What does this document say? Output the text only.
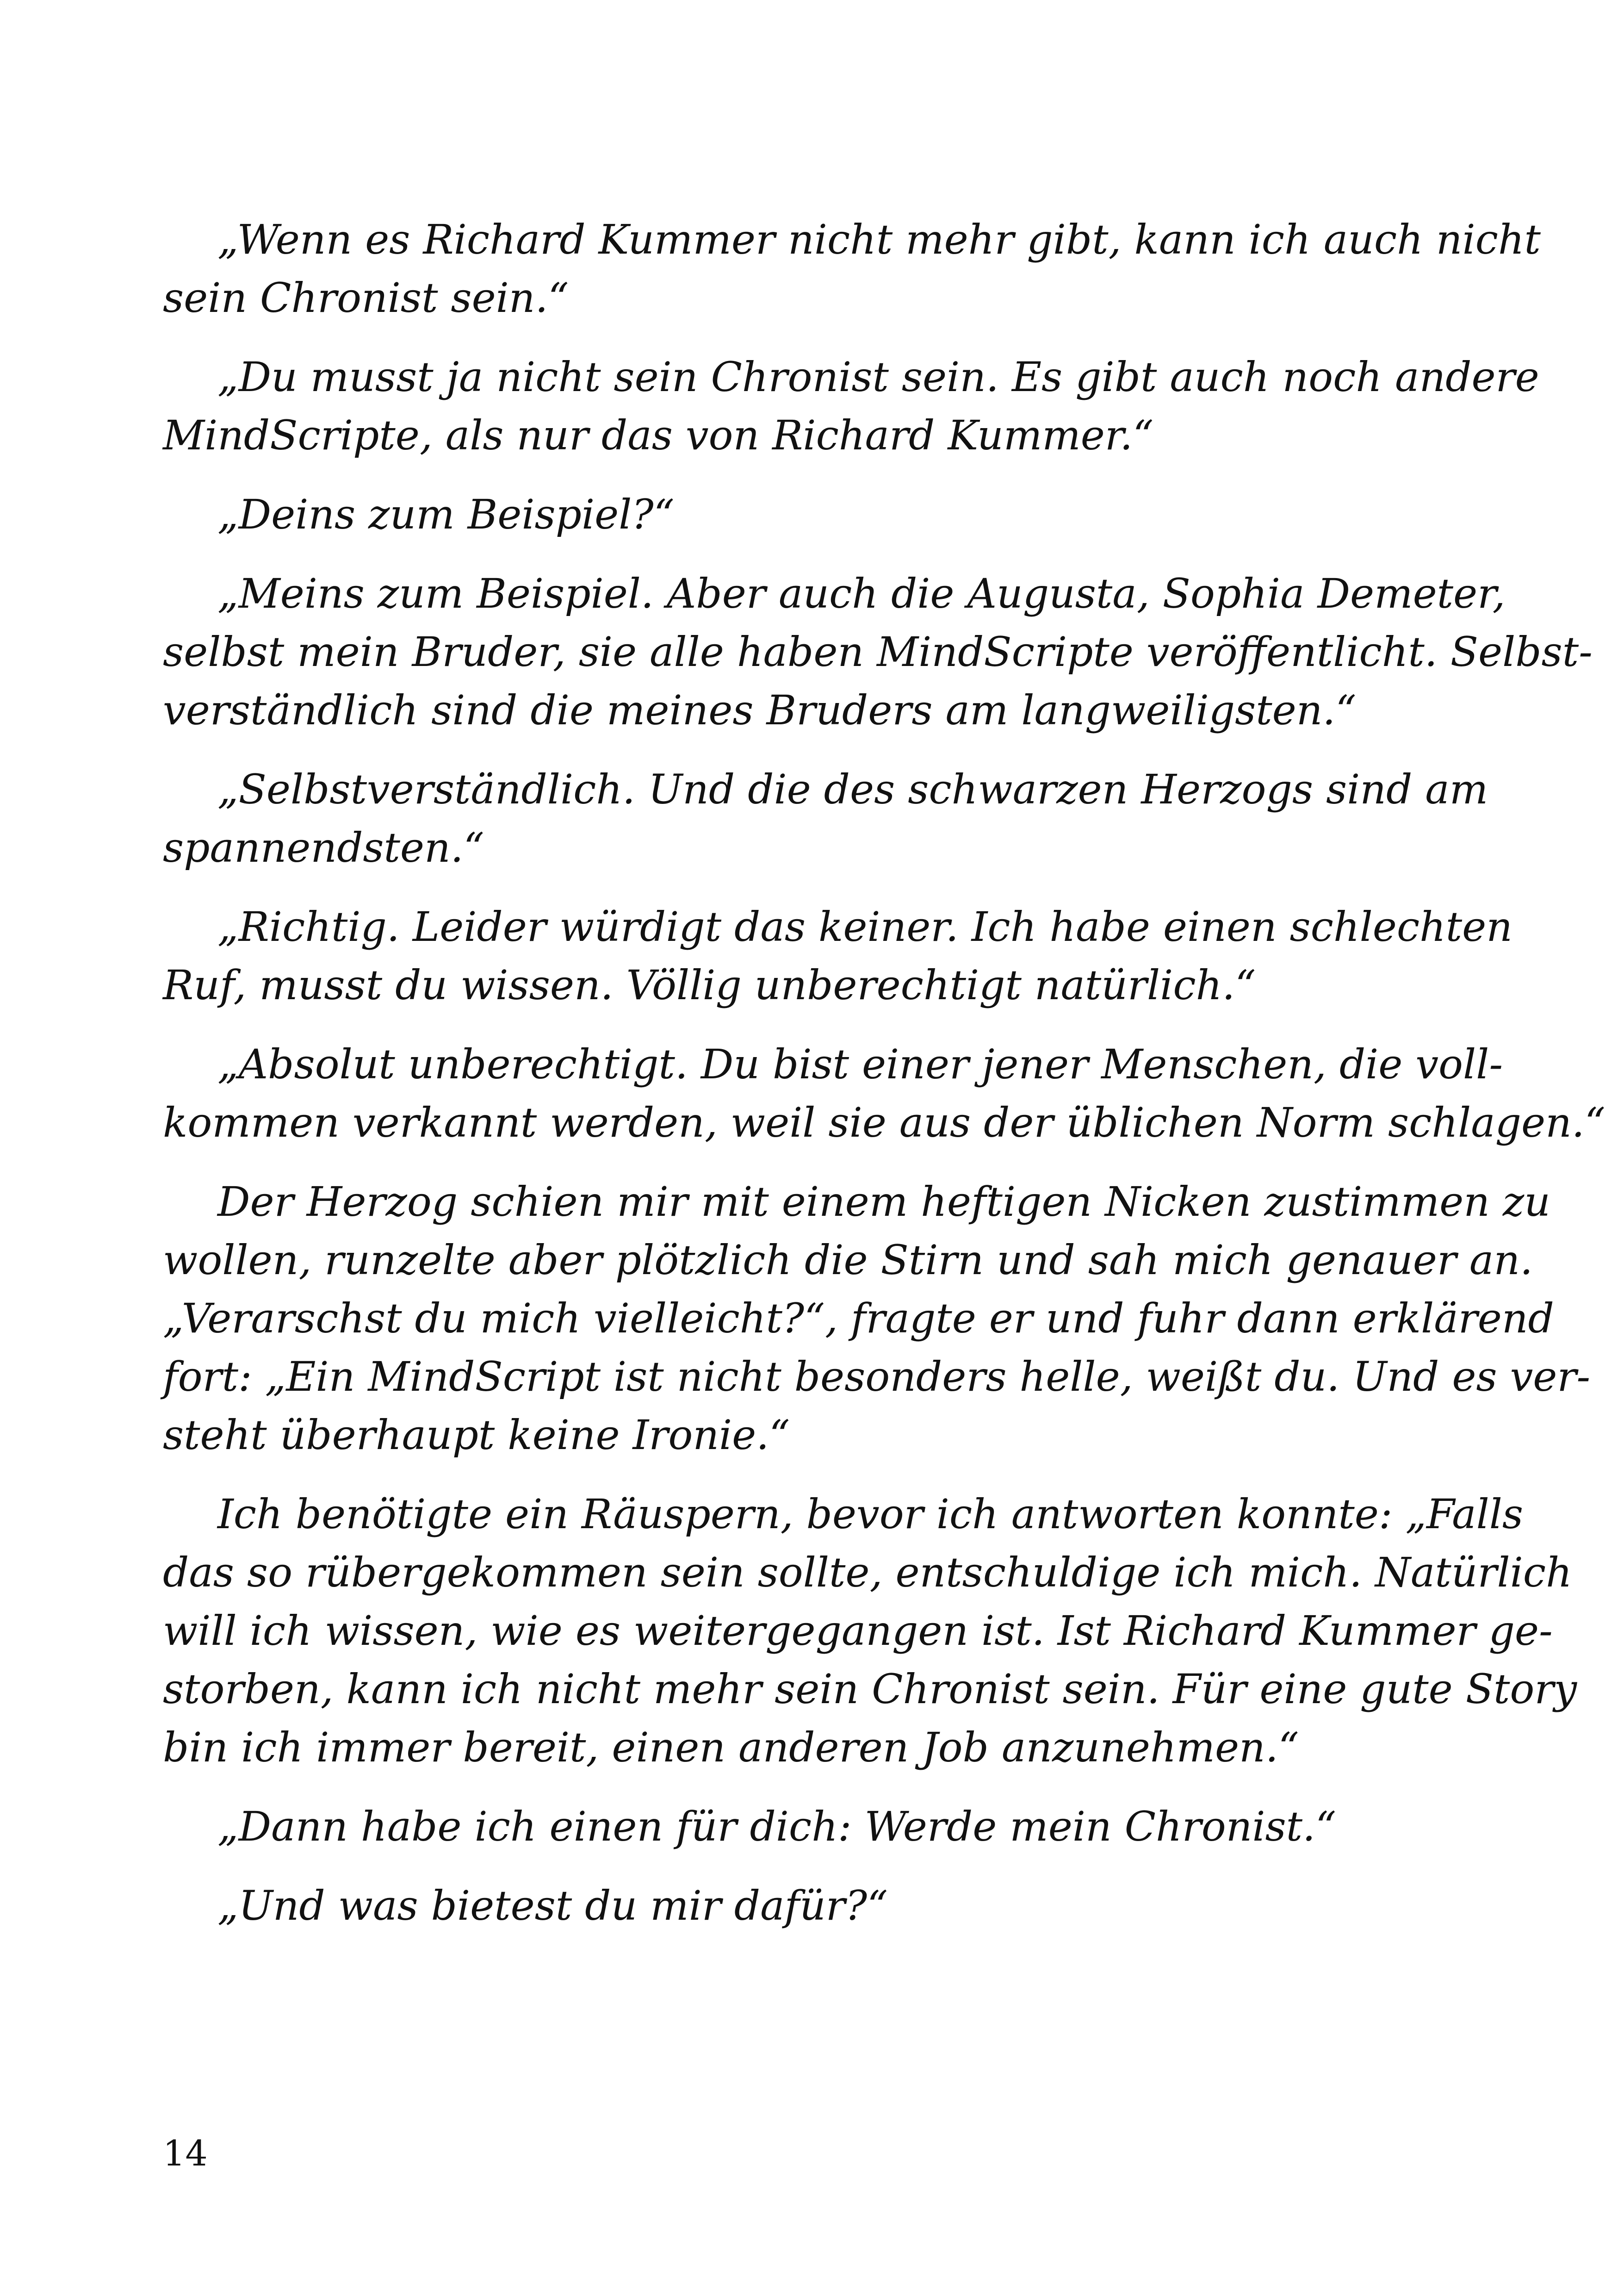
„Wenn es Richard Kummer nicht mehr gibt, kann ich auch nicht
sein Chronist sein.“
„Du musst ja nicht sein Chronist sein. Es gibt auch noch andere
MindScripte, als nur das von Richard Kummer.“
„Deins zum Beispiel?“
„Meins zum Beispiel. Aber auch die Augusta, Sophia Demeter,
selbst mein Bruder, sie alle haben MindScripte veröffentlicht. Selbst-
verständlich sind die meines Bruders am langweiligsten.“
„Selbstverständlich. Und die des schwarzen Herzogs sind am
spannendsten.“
„Richtig. Leider würdigt das keiner. Ich habe einen schlechten
Ruf, musst du wissen. Völlig unberechtigt natürlich.“
„Absolut unberechtigt. Du bist einer jener Menschen, die voll-
kommen verkannt werden, weil sie aus der üblichen Norm schlagen.“
Der Herzog schien mir mit einem heftigen Nicken zustimmen zu
wollen, runzelte aber plötzlich die Stirn und sah mich genauer an.
„Verarschst du mich vielleicht?“, fragte er und fuhr dann erklärend
fort: „Ein MindScript ist nicht besonders helle, weißt du. Und es ver-
steht überhaupt keine Ironie.“
Ich benötigte ein Räuspern, bevor ich antworten konnte: „Falls
das so rübergekommen sein sollte, entschuldige ich mich. Natürlich
will ich wissen, wie es weitergegangen ist. Ist Richard Kummer ge-
storben, kann ich nicht mehr sein Chronist sein. Für eine gute Story
bin ich immer bereit, einen anderen Job anzunehmen.“
„Dann habe ich einen für dich: Werde mein Chronist.“
„Und was bietest du mir dafür?“
14
